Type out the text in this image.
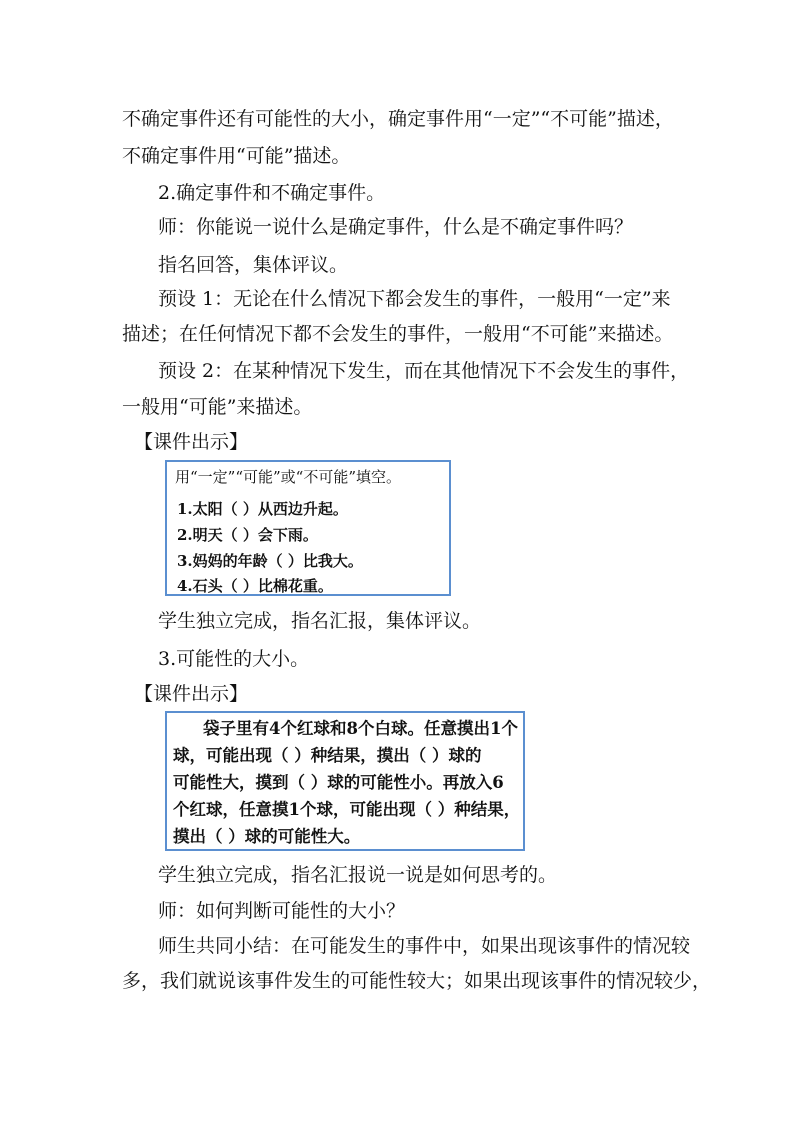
不确定事件还有可能性的大小，确定事件用“一定”“不可能”描述，
不确定事件用“可能”描述。
2.确定事件和不确定事件。
师：你能说一说什么是确定事件，什么是不确定事件吗？
指名回答，集体评议。
预设 1：无论在什么情况下都会发生的事件，一般用“一定”来
描述；在任何情况下都不会发生的事件，一般用“不可能”来描述。
预设 2：在某种情况下发生，而在其他情况下不会发生的事件，
一般用“可能”来描述。
【课件出示】
用“一定”“可能”或“不可能”填空。
1.太阳（ ）从西边升起。
2.明天（ ）会下雨。
3.妈妈的年龄（ ）比我大。
4.石头（ ）比棉花重。
学生独立完成，指名汇报，集体评议。
3.可能性的大小。
【课件出示】
袋子里有4个红球和8个白球。任意摸出1个
球，可能出现（ ）种结果，摸出（ ）球的
可能性大，摸到（ ）球的可能性小。再放入6
个红球，任意摸1个球，可能出现（ ）种结果，
摸出（ ）球的可能性大。
学生独立完成，指名汇报说一说是如何思考的。
师：如何判断可能性的大小？
师生共同小结：在可能发生的事件中，如果出现该事件的情况较
多，我们就说该事件发生的可能性较大；如果出现该事件的情况较少，
